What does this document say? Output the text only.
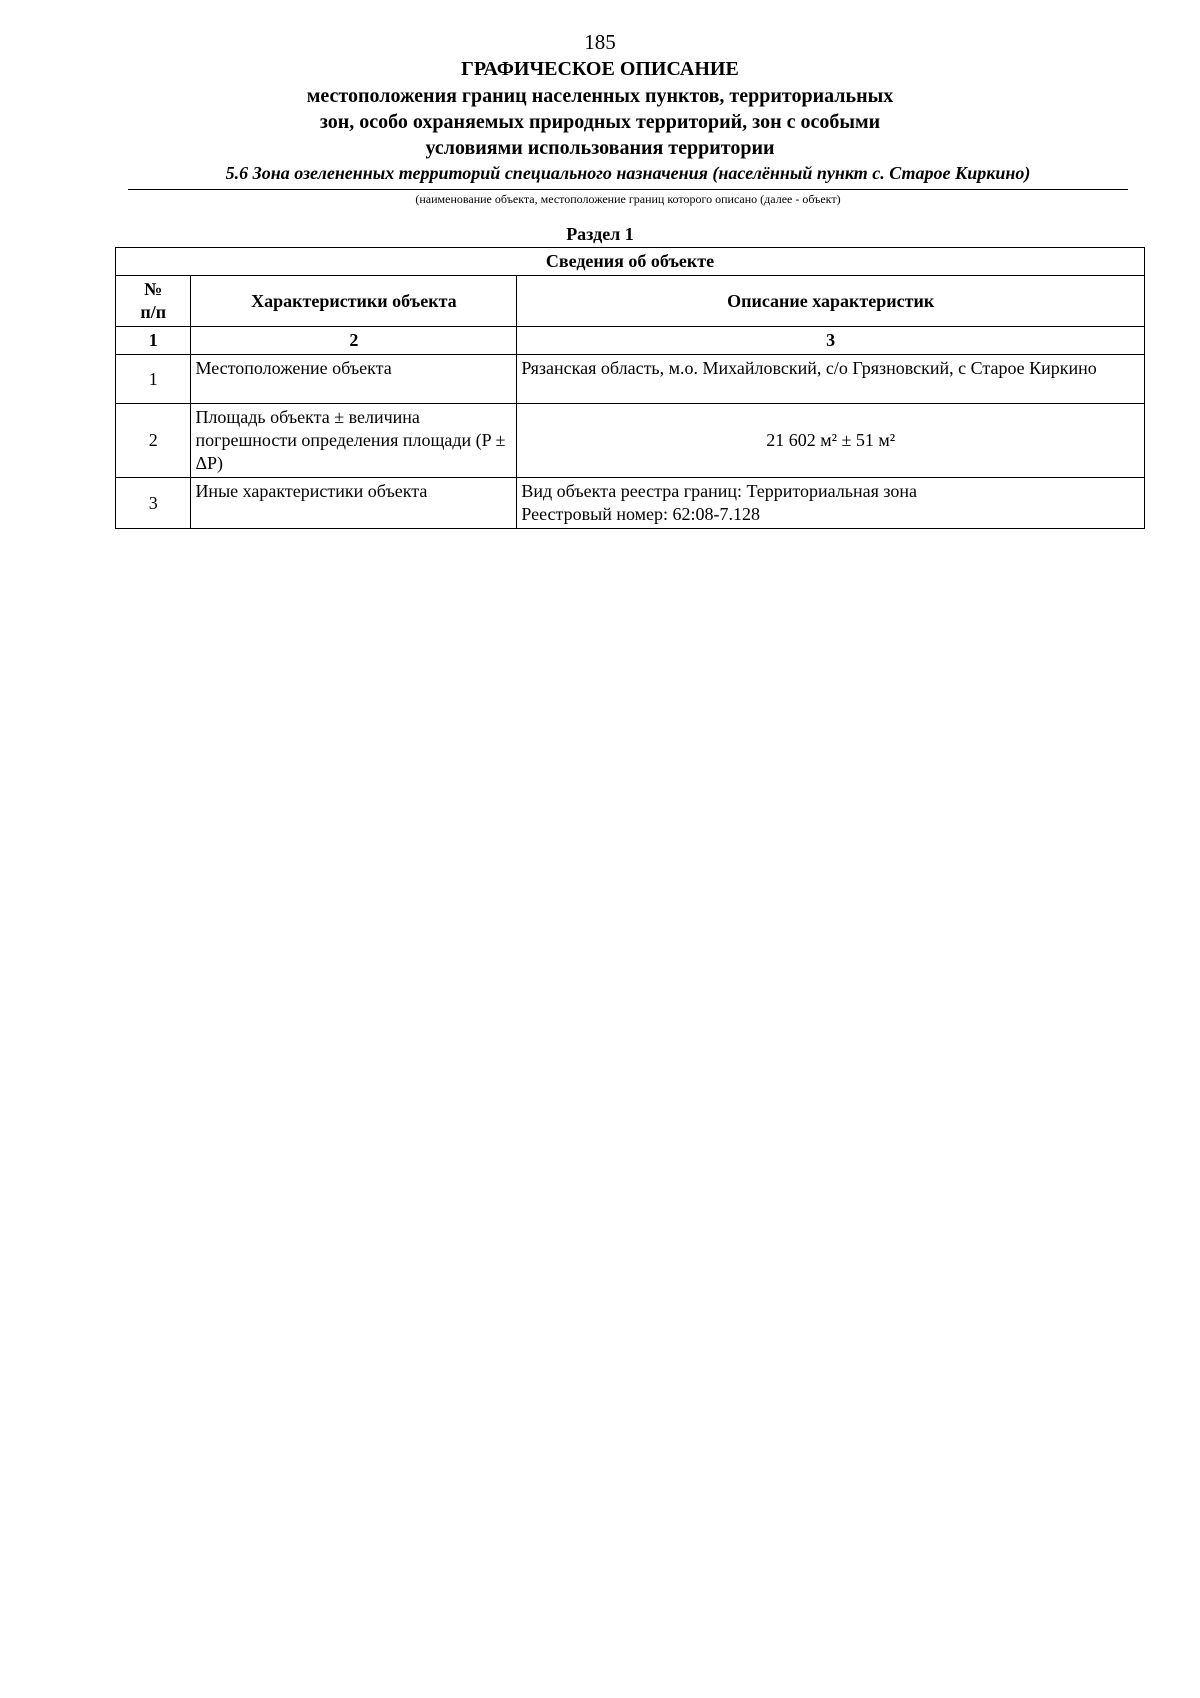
185
ГРАФИЧЕСКОЕ ОПИСАНИЕ
местоположения границ населенных пунктов, территориальных
зон, особо охраняемых природных территорий, зон с особыми
условиями использования территории
5.6 Зона озелененных территорий специального назначения (населённый пункт с. Старое Киркино)
(наименование объекта, местоположение границ которого описано (далее - объект)
Раздел 1
Сведения об объекте		

№
п/п	Характеристики объекта	Описание характеристик
1	2	3
1	Местоположение объекта	Рязанская область, м.о. Михайловский, с/о Грязновский, с Старое Киркино
2	Площадь объекта ± величина погрешности определения площади (P ± ΔP)	21 602 м² ± 51 м²
3	Иные характеристики объекта	Вид объекта реестра границ: Территориальная зона
Реестровый номер: 62:08-7.128
